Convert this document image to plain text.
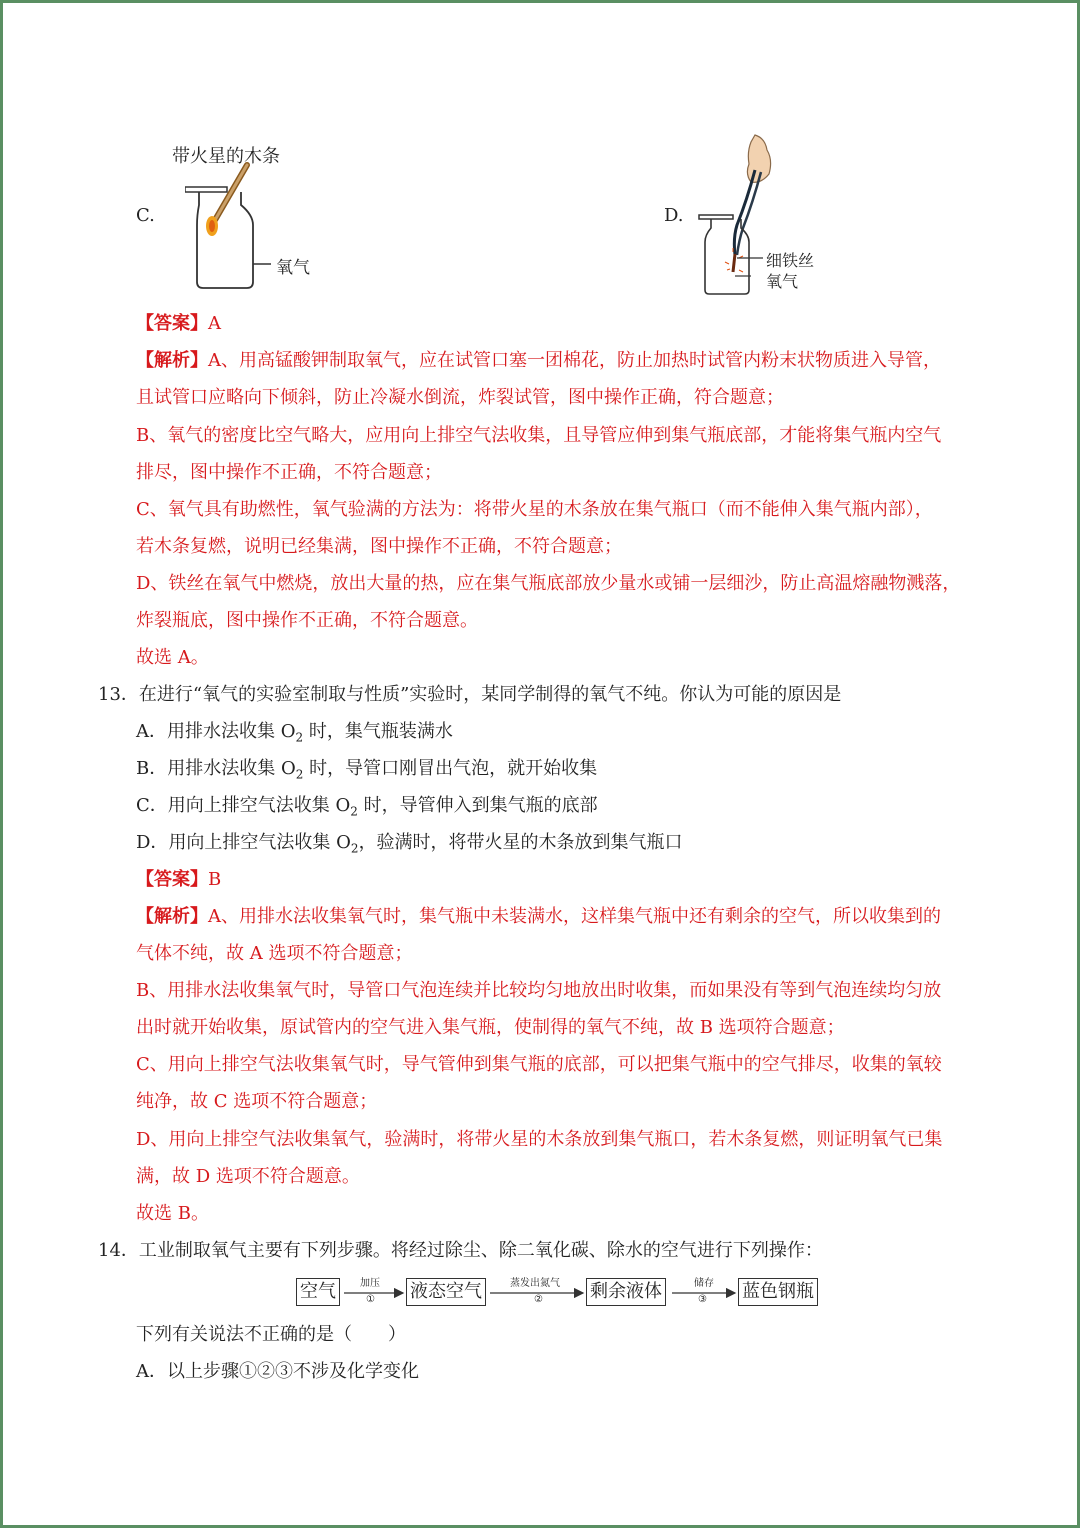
C.
带火星的木条
氧气
D.
细铁丝
氧气
【答案】A
【解析】A、用高锰酸钾制取氧气，应在试管口塞一团棉花，防止加热时试管内粉末状物质进入导管，
且试管口应略向下倾斜，防止冷凝水倒流，炸裂试管，图中操作正确，符合题意；
B、氧气的密度比空气略大，应用向上排空气法收集，且导管应伸到集气瓶底部，才能将集气瓶内空气
排尽，图中操作不正确，不符合题意；
C、氧气具有助燃性，氧气验满的方法为：将带火星的木条放在集气瓶口（而不能伸入集气瓶内部），
若木条复燃，说明已经集满，图中操作不正确，不符合题意；
D、铁丝在氧气中燃烧，放出大量的热，应在集气瓶底部放少量水或铺一层细沙，防止高温熔融物溅落，
炸裂瓶底，图中操作不正确，不符合题意。
故选 A。
13．在进行“氧气的实验室制取与性质”实验时，某同学制得的氧气不纯。你认为可能的原因是
A．用排水法收集 $O_2$ 时，集气瓶装满水
B．用排水法收集 $O_2$ 时，导管口刚冒出气泡，就开始收集
C．用向上排空气法收集 $O_2$ 时，导管伸入到集气瓶的底部
D．用向上排空气法收集 $O_2$，验满时，将带火星的木条放到集气瓶口
【答案】B
【解析】A、用排水法收集氧气时，集气瓶中未装满水，这样集气瓶中还有剩余的空气，所以收集到的
气体不纯，故 A 选项不符合题意；
B、用排水法收集氧气时，导管口气泡连续并比较均匀地放出时收集，而如果没有等到气泡连续均匀放
出时就开始收集，原试管内的空气进入集气瓶，使制得的氧气不纯，故 B 选项符合题意；
C、用向上排空气法收集氧气时，导气管伸到集气瓶的底部，可以把集气瓶中的空气排尽，收集的氧较
纯净，故 C 选项不符合题意；
D、用向上排空气法收集氧气，验满时，将带火星的木条放到集气瓶口，若木条复燃，则证明氧气已集
满，故 D 选项不符合题意。
故选 B。
14．工业制取氧气主要有下列步骤。将经过除尘、除二氧化碳、除水的空气进行下列操作：
空气	加压
① 液态空气	蒸发出氮气
②	剩余液体	储存
③ 蓝色钢瓶
下列有关说法不正确的是（　　）
A．以上步骤①②③不涉及化学变化
